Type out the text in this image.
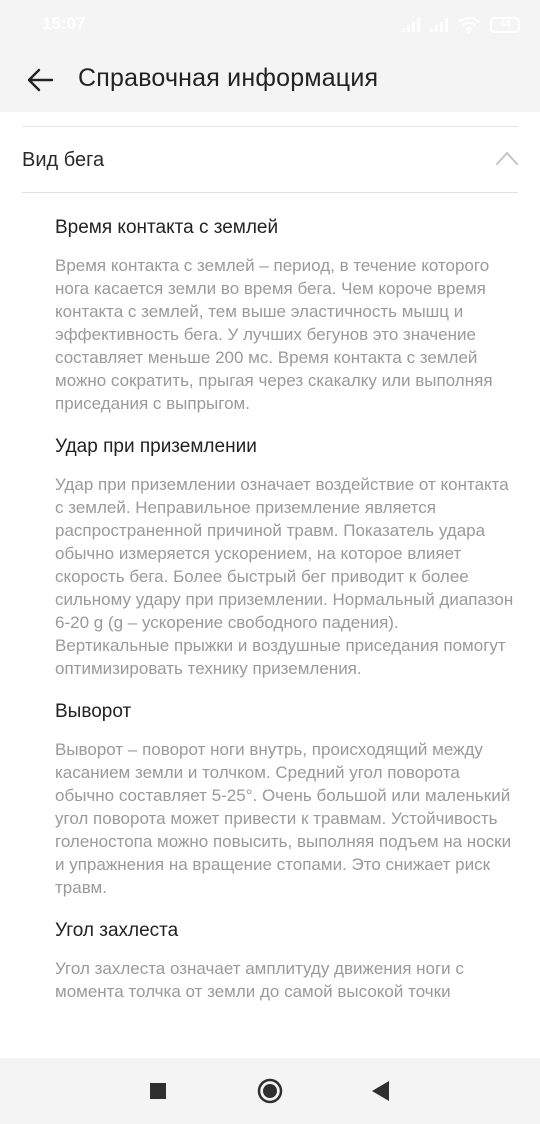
15:07	44
Справочная информация
Вид бега
Время контакта с землей
Время контакта с землей – период, в течение которого нога касается земли во время бега. Чем короче время контакта с землей, тем выше эластичность мышц и эффективность бега. У лучших бегунов это значение составляет меньше 200 мс. Время контакта с землей можно сократить, прыгая через скакалку или выполняя приседания с выпрыгом.
Удар при приземлении
Удар при приземлении означает воздействие от контакта с землей. Неправильное приземление является распространенной причиной травм. Показатель удара обычно измеряется ускорением, на которое влияет скорость бега. Более быстрый бег приводит к более сильному удару при приземлении. Нормальный диапазон 6-20 g (g – ускорение свободного падения). Вертикальные прыжки и воздушные приседания помогут оптимизировать технику приземления.
Выворот
Выворот – поворот ноги внутрь, происходящий между касанием земли и толчком. Средний угол поворота обычно составляет 5-25°. Очень большой или маленький угол поворота может привести к травмам. Устойчивость голеностопа можно повысить, выполняя подъем на носки и упражнения на вращение стопами. Это снижает риск травм.
Угол захлеста
Угол захлеста означает амплитуду движения ноги с момента толчка от земли до самой высокой точки
